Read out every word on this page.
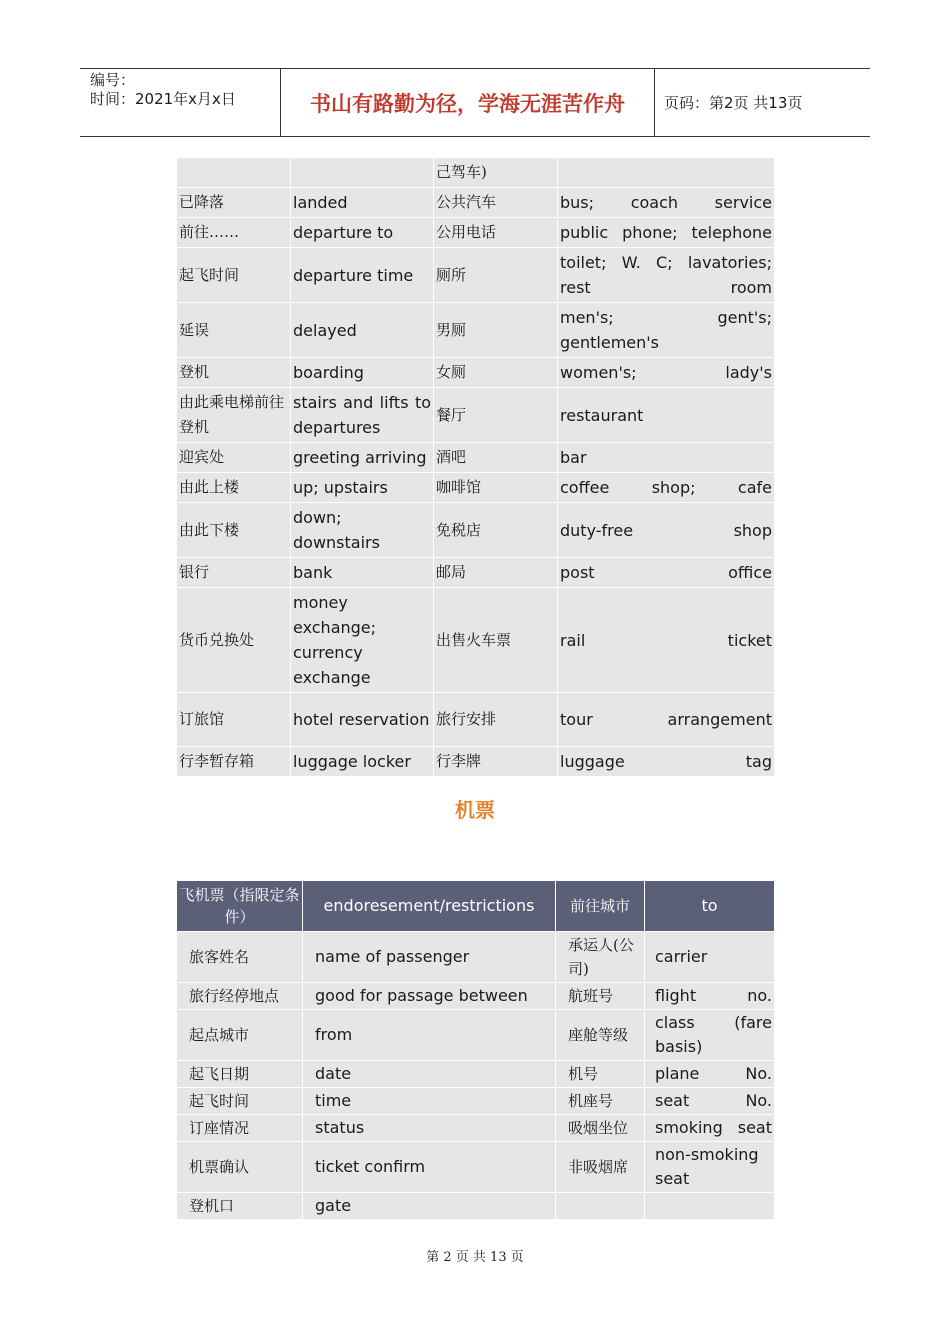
编号：
时间：2021年x月x日	书山有路勤为径，学海无涯苦作舟	页码：第2页 共13页
		己驾车)	
已降落	landed	公共汽车	bus; coach service
前往……	departure to	公用电话	public phone; telephone
起飞时间	departure time	厕所	toilet; W. C; lavatories; rest room
延误	delayed	男厕	men's; gent's; gentlemen's
登机	boarding	女厕	women's; lady's
由此乘电梯前往登机	stairs and lifts to departures	餐厅	restaurant
迎宾处	greeting arriving	酒吧	bar
由此上楼	up; upstairs	咖啡馆	coffee shop; cafe
由此下楼	down; downstairs	免税店	duty-free shop
银行	bank	邮局	post office
货币兑换处	money exchange; currency exchange	出售火车票	rail ticket
订旅馆	hotel reservation	旅行安排	tour arrangement
行李暂存箱	luggage locker	行李牌	luggage tag
机票
飞机票（指限定条件）	endoresement/restrictions	前往城市	to
旅客姓名	name of passenger	承运人(公司)	carrier
旅行经停地点	good for passage between	航班号	flight no.
起点城市	from	座舱等级	class (fare basis)
起飞日期	date	机号	plane No.
起飞时间	time	机座号	seat No.
订座情况	status	吸烟坐位	smoking seat
机票确认	ticket confirm	非吸烟席	non-smoking seat
登机口	gate		
第 2 页 共 13 页
